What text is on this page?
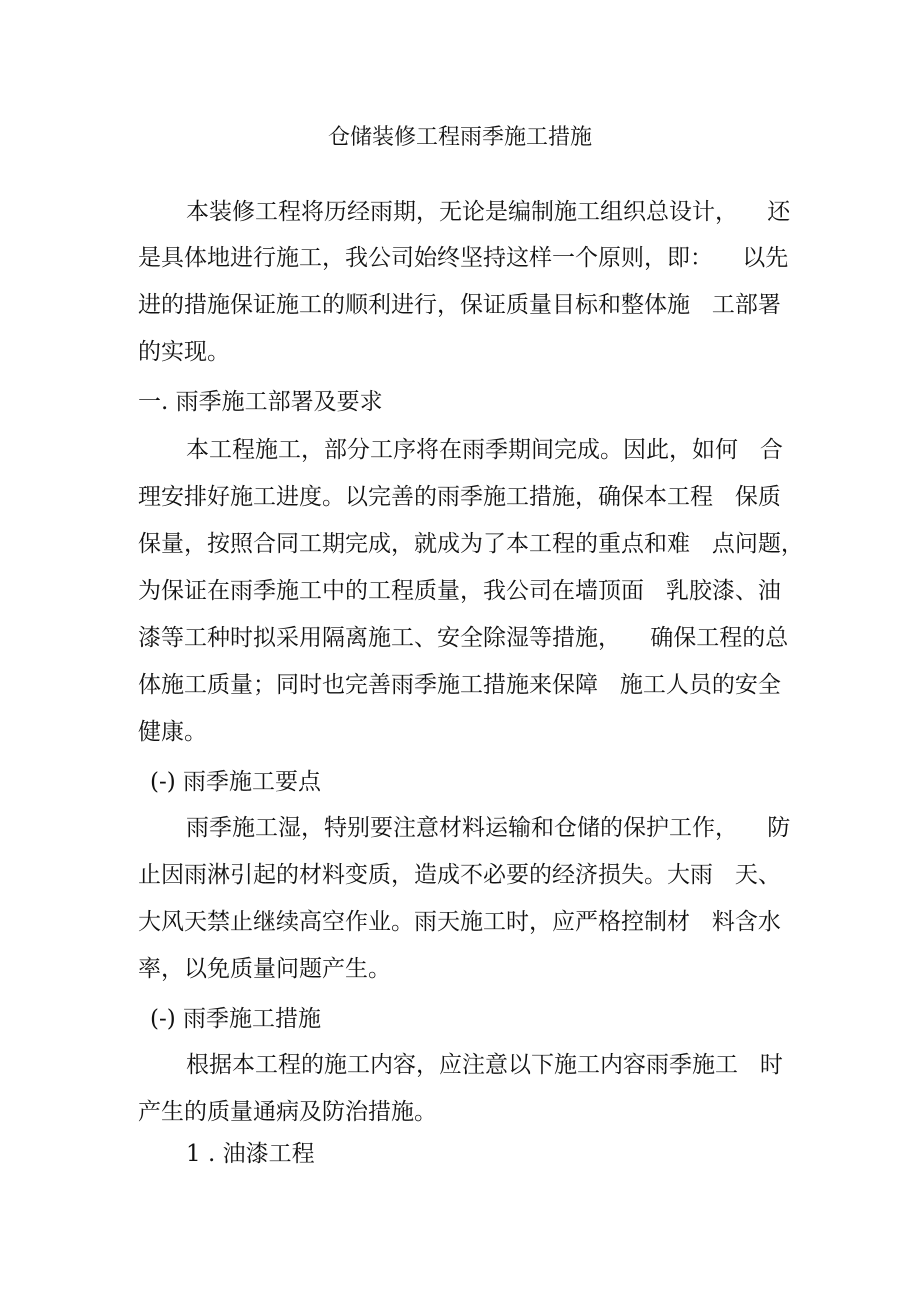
仓储装修工程雨季施工措施
本装修工程将历经雨期，无论是编制施工组织总设计，    还
是具体地进行施工，我公司始终坚持这样一个原则，即：    以先
进的措施保证施工的顺利进行，保证质量目标和整体施   工部署
的实现。
一. 雨季施工部署及要求
本工程施工，部分工序将在雨季期间完成。因此，如何   合
理安排好施工进度。以完善的雨季施工措施，确保本工程   保质
保量，按照合同工期完成，就成为了本工程的重点和难   点问题，
为保证在雨季施工中的工程质量，我公司在墙顶面   乳胶漆、油
漆等工种时拟采用隔离施工、安全除湿等措施，    确保工程的总
体施工质量；同时也完善雨季施工措施来保障   施工人员的安全
健康。
(-) 雨季施工要点
雨季施工湿，特别要注意材料运输和仓储的保护工作，    防
止因雨淋引起的材料变质，造成不必要的经济损失。大雨   天、
大风天禁止继续高空作业。雨天施工时，应严格控制材   料含水
率，以免质量问题产生。
(-) 雨季施工措施
根据本工程的施工内容，应注意以下施工内容雨季施工   时
产生的质量通病及防治措施。
1 . 油漆工程
